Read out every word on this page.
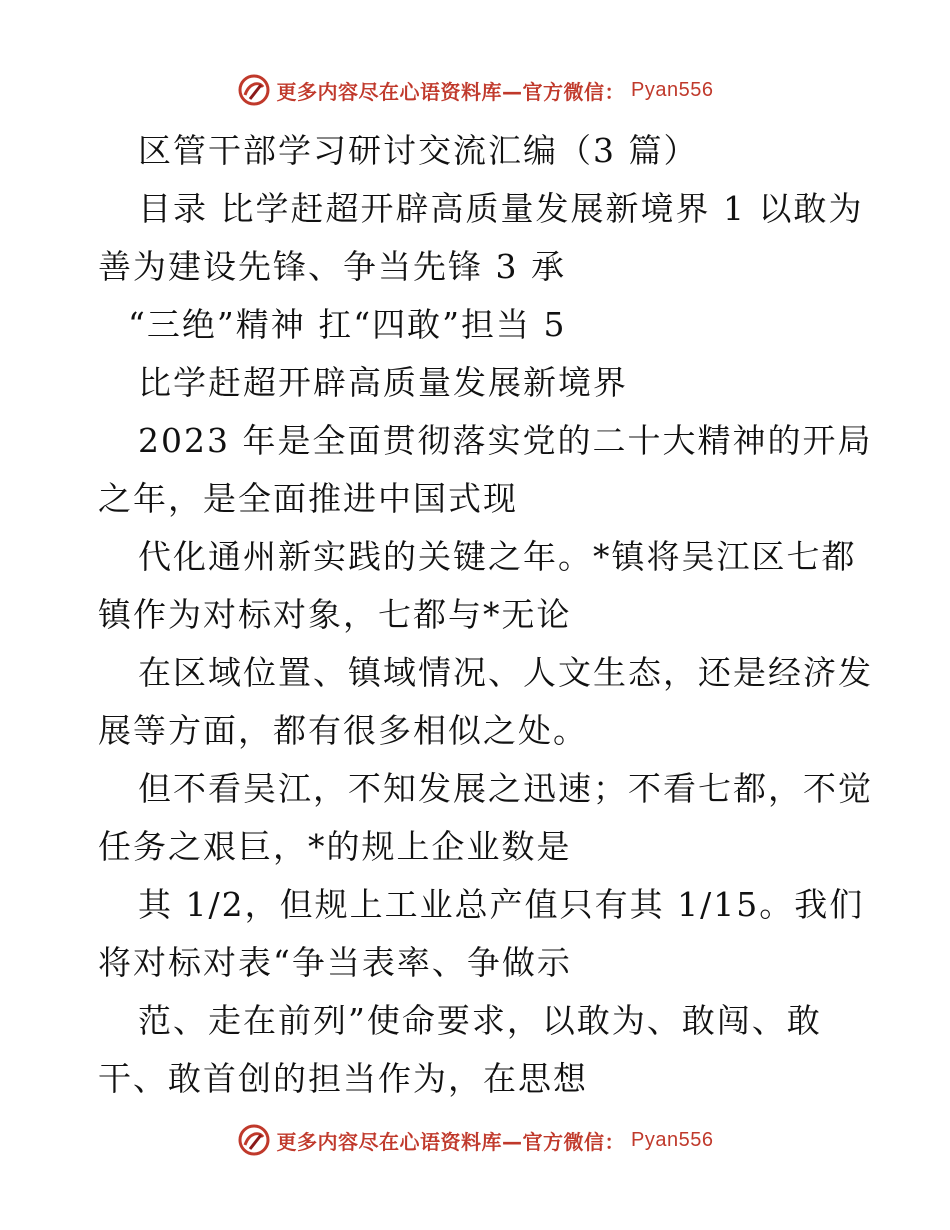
更多内容尽在心语资料库—官方微信： Pyan556
区管干部学习研讨交流汇编（3 篇）
目录 比学赶超开辟高质量发展新境界 1 以敢为
善为建设先锋、争当先锋 3 承
“三绝”精神 扛“四敢”担当 5
比学赶超开辟高质量发展新境界
2023 年是全面贯彻落实党的二十大精神的开局
之年，是全面推进中国式现
代化通州新实践的关键之年。*镇将吴江区七都
镇作为对标对象，七都与*无论
在区域位置、镇域情况、人文生态，还是经济发
展等方面，都有很多相似之处。
但不看吴江，不知发展之迅速；不看七都，不觉
任务之艰巨，*的规上企业数是
其 1/2，但规上工业总产值只有其 1/15。我们
将对标对表“争当表率、争做示
范、走在前列”使命要求，以敢为、敢闯、敢
干、敢首创的担当作为，在思想
更多内容尽在心语资料库—官方微信： Pyan556
